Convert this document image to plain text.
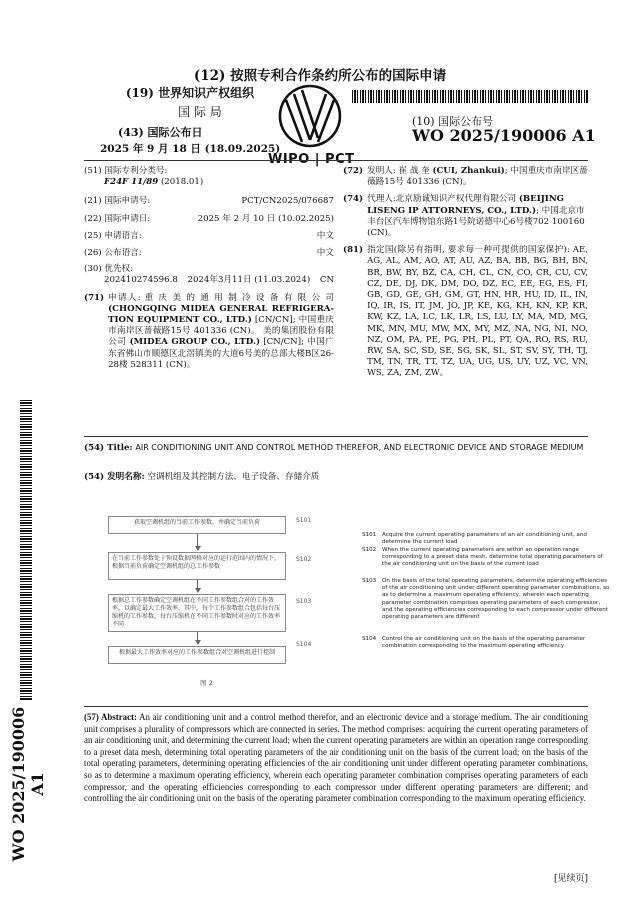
(12) 按照专利合作条约所公布的国际申请
(19) 世界知识产权组织
国 际 局
(43) 国际公布日
2025 年 9 月 18 日 (18.09.2025)
WIPO | PCT
(10) 国际公布号
WO 2025/190006 A1
(51) 国际专利分类号:
F24F 11/89 (2018.01)
(21) 国际申请号:	PCT/CN2025/076687
(22) 国际申请日:	2025 年 2 月 10 日 (10.02.2025)
(25) 申请语言:	中文
(26) 公布语言:	中文
(30) 优先权:
202410274596.8 2024年3月11日 (11.03.2024) CN
(71) 申请人: 重 庆 美 的 通 用 制 冷 设 备 有 限 公 司 (CHONGQING MIDEA GENERAL REFRIGERA-TION EQUIPMENT CO., LTD.) [CN/CN]; 中国重庆市南岸区蔷薇路15号 401336 (CN)。 美的集团股份有限公司 (MIDEA GROUP CO., LTD.) [CN/CN]; 中国广东省佛山市顺德区北滘镇美的大道6号美的总部大楼B区26-28楼 528311 (CN)。
(72) 发明人: 崔 战 奎 (CUI, Zhankui); 中国重庆市南岸区蔷薇路15号 401336 (CN)。
(74) 代理人:北京励诚知识产权代理有限公司 (BEIJING LISENG IP ATTORNEYS, CO., LTD.); 中国北京市丰台区汽车博物馆东路1号院诺德中心6号楼702 100160 (CN)。
(81) 指定国(除另有指明, 要求每一种可提供的国家保护): AE, AG, AL, AM, AO, AT, AU, AZ, BA, BB, BG, BH, BN, BR, BW, BY, BZ, CA, CH, CL, CN, CO, CR, CU, CV, CZ, DE, DJ, DK, DM, DO, DZ, EC, EE, EG, ES, FI, GB, GD, GE, GH, GM, GT, HN, HR, HU, ID, IL, IN, IQ, IR, IS, IT, JM, JO, JP, KE, KG, KH, KN, KP, KR, KW, KZ, LA, LC, LK, LR, LS, LU, LY, MA, MD, MG, MK, MN, MU, MW, MX, MY, MZ, NA, NG, NI, NO, NZ, OM, PA, PE, PG, PH, PL, PT, QA, RO, RS, RU, RW, SA, SC, SD, SE, SG, SK, SL, ST, SV, SY, TH, TJ, TM, TN, TR, TT, TZ, UA, UG, US, UY, UZ, VC, VN, WS, ZA, ZM, ZW。
(54) Title: AIR CONDITIONING UNIT AND CONTROL METHOD THEREFOR, AND ELECTRONIC DEVICE AND STORAGE MEDIUM
(54) 发明名称: 空调机组及其控制方法、电子设备、存储介质
获取空调机组的当前工作参数，并确定当前负荷	S101
在当前工作参数处于预设数据网格对应的运行范围内的情况下，根据当前负荷确定空调机组的总工作参数
S102
根据总工作参数确定空调机组在不同工作参数组合对的工作效率，以确定最大工作效率，其中，每个工作参数组合包括每台压缩机的工作参数，每台压缩机在不同工作参数时对应的工作效率不同
S103
根据最大工作效率对应的工作参数组合对空调机组进行控制
S104
图 2
S101 Acquire the current operating parameters of an air conditioning unit, and determine the current load
S102 When the current operating parameters are within an operation range corresponding to a preset data mesh, determine total operating parameters of the air conditioning unit on the basis of the current load
S103 On the basis of the total operating parameters, determine operating efficiencies of the air conditioning unit under different operating parameter combinations, so as to determine a maximum operating efficiency, wherein each operating parameter combination comprises operating parameters of each compressor, and the operating efficiencies corresponding to each compressor under different operating parameters are different
S104 Control the air conditioning unit on the basis of the operating parameter combination corresponding to the maximum operating efficiency
(57) Abstract: An air conditioning unit and a control method therefor, and an electronic device and a storage medium. The air conditioning unit comprises a plurality of compressors which are connected in series. The method comprises: acquiring the current operating parameters of an air conditioning unit, and determining the current load; when the current operating parameters are within an operation range corresponding to a preset data mesh, determining total operating parameters of the air conditioning unit on the basis of the current load; on the basis of the total operating parameters, determining operating efficiencies of the air conditioning unit under different operating parameter combinations, so as to determine a maximum operating efficiency, wherein each operating parameter combination comprises operating parameters of each compressor, and the operating efficiencies corresponding to each compressor under different operating parameters are different; and controlling the air conditioning unit on the basis of the operating parameter combination corresponding to the maximum operating efficiency.
WO 2025/190006 A1
[见续页]
